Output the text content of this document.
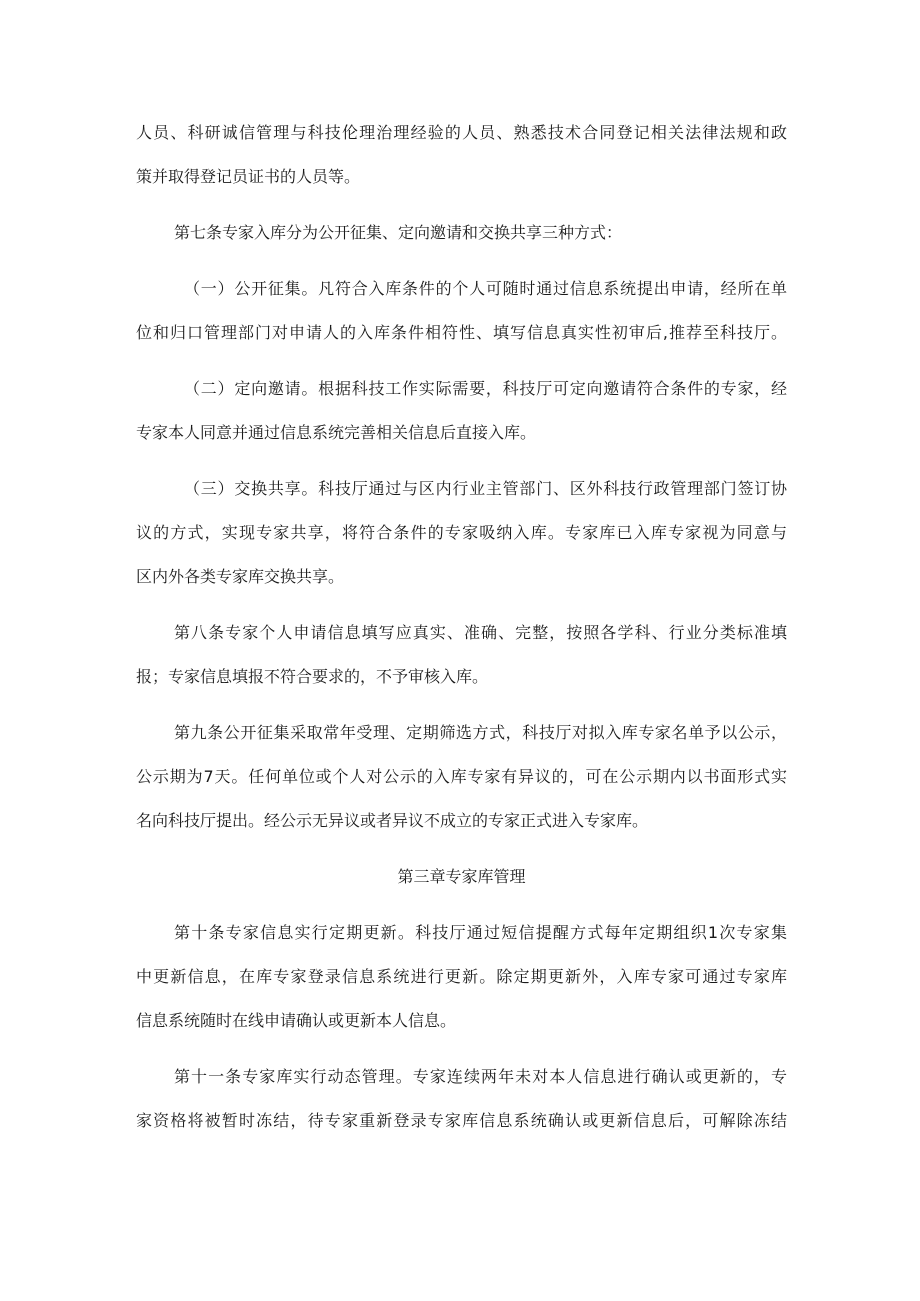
人员、科研诚信管理与科技伦理治理经验的人员、熟悉技术合同登记相关法律法规和政
策并取得登记员证书的人员等。
第七条专家入库分为公开征集、定向邀请和交换共享三种方式：
（一）公开征集。凡符合入库条件的个人可随时通过信息系统提出申请，经所在单
位和归口管理部门对申请人的入库条件相符性、填写信息真实性初审后,推荐至科技厅。
（二）定向邀请。根据科技工作实际需要，科技厅可定向邀请符合条件的专家，经
专家本人同意并通过信息系统完善相关信息后直接入库。
（三）交换共享。科技厅通过与区内行业主管部门、区外科技行政管理部门签订协
议的方式，实现专家共享，将符合条件的专家吸纳入库。专家库已入库专家视为同意与
区内外各类专家库交换共享。
第八条专家个人申请信息填写应真实、准确、完整，按照各学科、行业分类标准填
报；专家信息填报不符合要求的，不予审核入库。
第九条公开征集采取常年受理、定期筛选方式，科技厅对拟入库专家名单予以公示，
公示期为7天。任何单位或个人对公示的入库专家有异议的，可在公示期内以书面形式实
名向科技厅提出。经公示无异议或者异议不成立的专家正式进入专家库。
第三章专家库管理
第十条专家信息实行定期更新。科技厅通过短信提醒方式每年定期组织1次专家集
中更新信息，在库专家登录信息系统进行更新。除定期更新外，入库专家可通过专家库
信息系统随时在线申请确认或更新本人信息。
第十一条专家库实行动态管理。专家连续两年未对本人信息进行确认或更新的，专
家资格将被暂时冻结，待专家重新登录专家库信息系统确认或更新信息后，可解除冻结
